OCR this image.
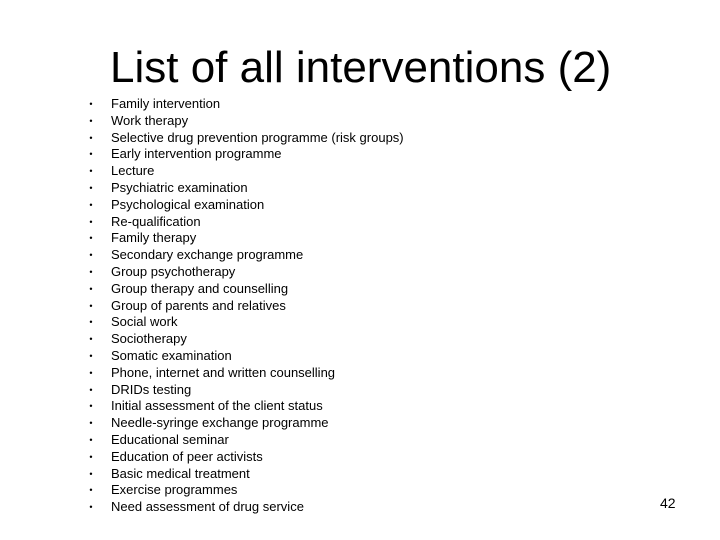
List of all interventions (2)
• Family intervention
• Work therapy
• Selective drug prevention programme (risk groups)
• Early intervention programme
• Lecture
• Psychiatric examination
• Psychological examination
• Re-qualification
• Family therapy
• Secondary exchange programme
• Group psychotherapy
• Group therapy and counselling
• Group of parents and relatives
• Social work
• Sociotherapy
• Somatic examination
• Phone, internet and written counselling
• DRIDs testing
• Initial assessment of the client status
• Needle-syringe exchange programme
• Educational seminar
• Education of peer activists
• Basic medical treatment
• Exercise programmes
• Need assessment of drug service	42
